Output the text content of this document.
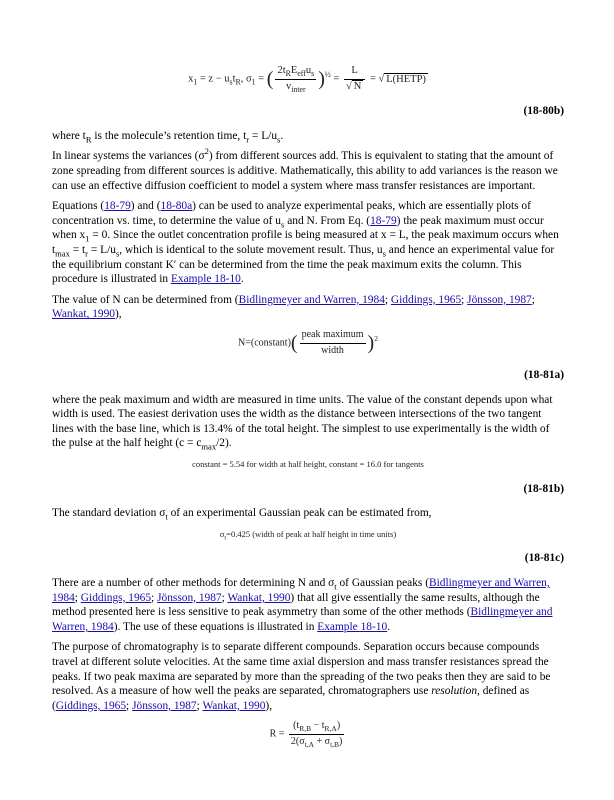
$x_1 = z - u_st_R$, $\sigma_1$ = ( $\frac{2t_RE_{eff}u_s}{v_{inter}} )^{\frac{1}{2}} = \frac{L}{√ N}$ = √ L(HETP)
(18-80b)

where $t_R$ is the molecule’s retention time, $t_r = L/u_s$.

In linear systems the variances $(\sigma^2)$ from different sources add. This is equivalent to stating that the amount of zone spreading from different sources is additive. Mathematically, this ability to add variances is the reason we can use an effective diffusion coefficient to model a system where mass transfer resistances are important.

Equations (18-79) and (18-80a) can be used to analyze experimental peaks, which are essentially plots of concentration vs. time, to determine the value of $u_s$ and N. From Eq. (18-79) the peak maximum must occur when $x_1 = 0$. Since the outlet concentration profile is being measured at x = L, the peak maximum occurs when $t_{max} = t_r = L/u_s$, which is identical to the solute movement result. Thus, $u_s$ and hence an experimental value for the equilibrium constant K′ can be determined from the time the peak maximum exits the column. This procedure is illustrated in Example 18-10.

The value of N can be determined from (Bidlingmeyer and Warren, 1984; Giddings, 1965; Jönsson, 1987; Wankat, 1990),

N=(constant)( $\frac{\text{peak maximum}}{\text{width}} )^2$
(18-81a)

where the peak maximum and width are measured in time units. The value of the constant depends upon what width is used. The easiest derivation uses the width as the distance between intersections of the two tangent lines with the base line, which is 13.4% of the total height. The simplest to use experimentally is the width of the pulse at the half height $(c = c_{max}/2)$.

constant = 5.54 for width at half height, constant = 16.0 for tangents
(18-81b)

The standard deviation $\sigma_t$ of an experimental Gaussian peak can be estimated from,

$\sigma_t=0.425$ (width of peak at half height in time units)
(18-81c)

There are a number of other methods for determining N and $\sigma_t$ of Gaussian peaks (Bidlingmeyer and Warren, 1984; Giddings, 1965; Jönsson, 1987; Wankat, 1990) that all give essentially the same results, although the method presented here is less sensitive to peak asymmetry than some of the other methods (Bidlingmeyer and Warren, 1984). The use of these equations is illustrated in Example 18-10.

The purpose of chromatography is to separate different compounds. Separation occurs because compounds travel at different solute velocities. At the same time axial dispersion and mass transfer resistances spread the peaks. If two peak maxima are separated by more than the spreading of the two peaks then they are said to be resolved. As a measure of how well the peaks are separated, chromatographers use resolution, defined as (Giddings, 1965; Jönsson, 1987; Wankat, 1990),

$R = \frac{(t_{R,B} - t_{R,A})}{2(\sigma_{t,A} + \sigma_{t,B})}$
